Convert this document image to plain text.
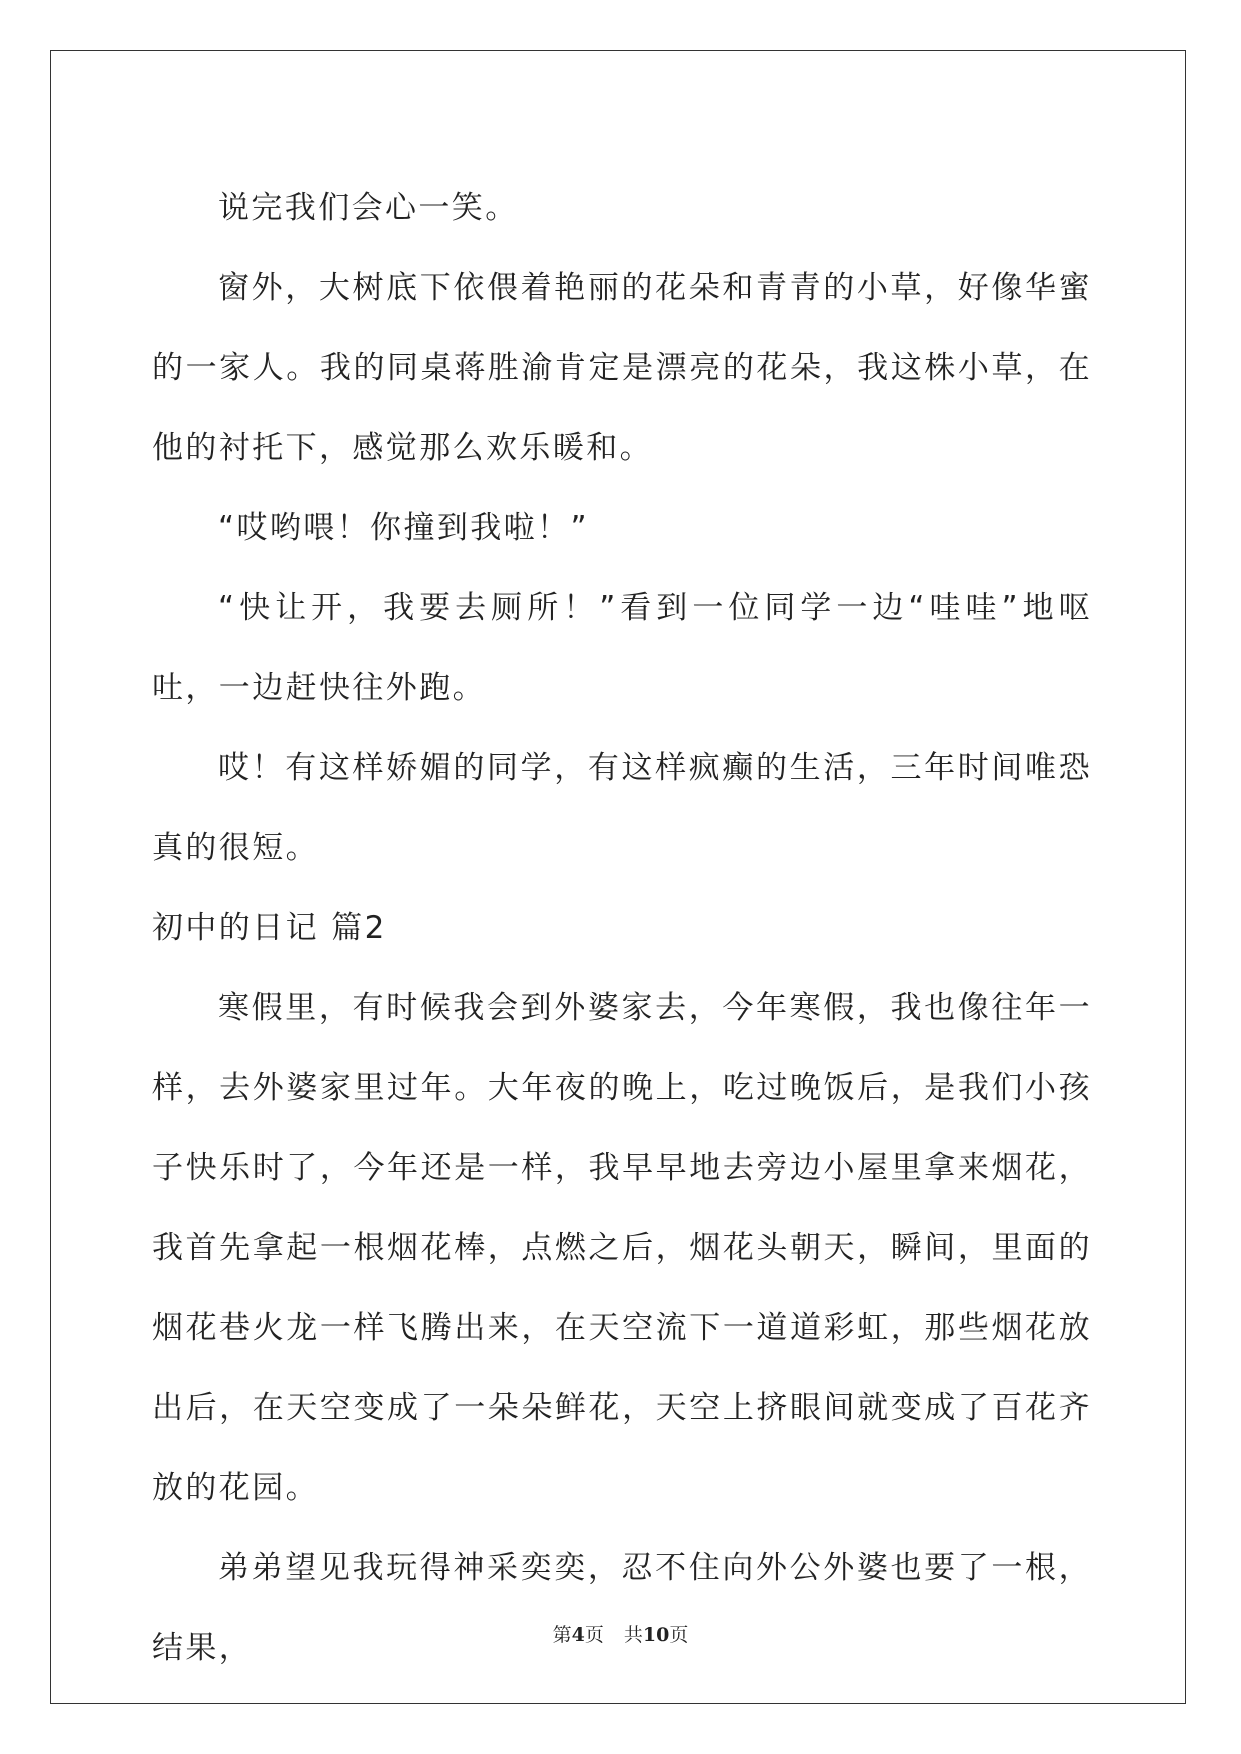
说完我们会心一笑。

窗外，大树底下依偎着艳丽的花朵和青青的小草，好像华蜜的一家人。我的同桌蒋胜渝肯定是漂亮的花朵，我这株小草，在他的衬托下，感觉那么欢乐暖和。

“哎哟喂！你撞到我啦！”

“快让开，我要去厕所！”看到一位同学一边“哇哇”地呕吐，一边赶快往外跑。

哎！有这样娇媚的同学，有这样疯癫的生活，三年时间唯恐真的很短。

初中的日记 篇2

寒假里，有时候我会到外婆家去，今年寒假，我也像往年一样，去外婆家里过年。大年夜的晚上，吃过晚饭后，是我们小孩子快乐时了，今年还是一样，我早早地去旁边小屋里拿来烟花，我首先拿起一根烟花棒，点燃之后，烟花头朝天，瞬间，里面的烟花巷火龙一样飞腾出来，在天空流下一道道彩虹，那些烟花放出后，在天空变成了一朵朵鲜花，天空上挤眼间就变成了百花齐放的花园。

弟弟望见我玩得神采奕奕，忍不住向外公外婆也要了一根，结果，	第4页 共10页
